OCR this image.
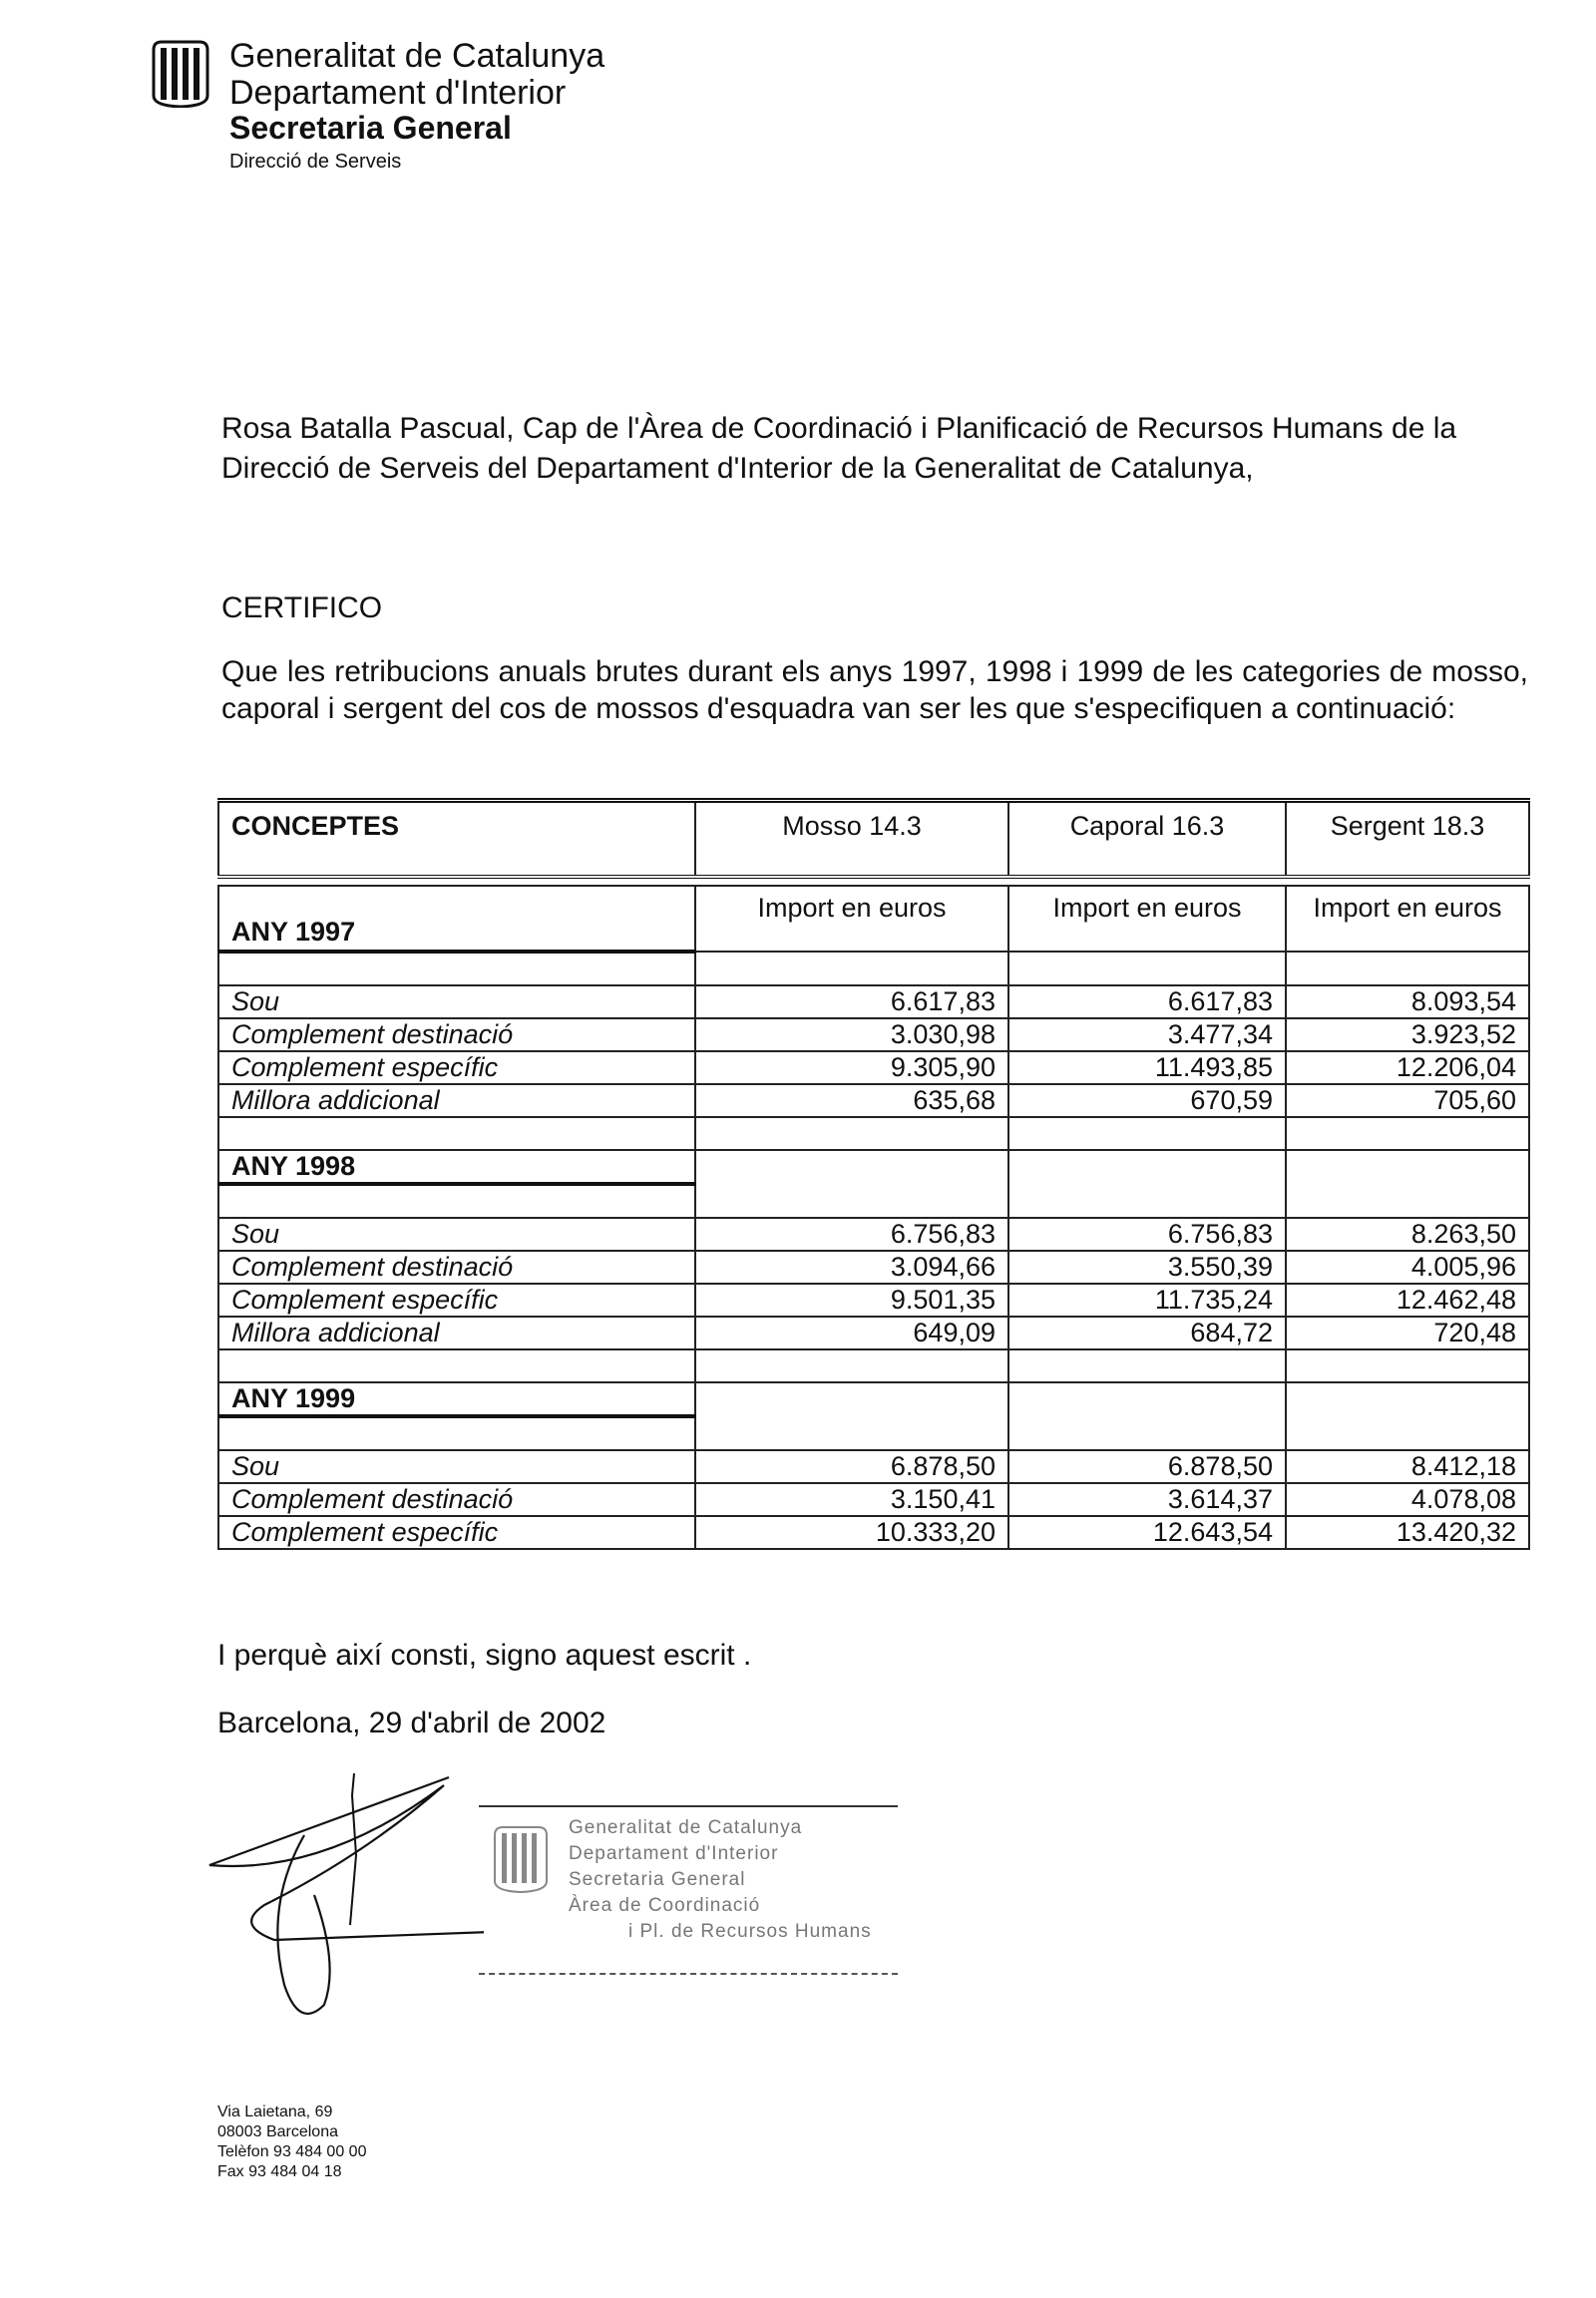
Generalitat de Catalunya
Departament d'Interior
Secretaria General
Direcció de Serveis
Rosa Batalla Pascual, Cap de l'Àrea de Coordinació i Planificació de Recursos Humans de la Direcció de Serveis del Departament d'Interior de la Generalitat de Catalunya,
CERTIFICO
Que les retribucions anuals brutes durant els anys 1997, 1998 i 1999 de les categories de mosso, caporal i sergent del cos de mossos d'esquadra van ser les que s'especifiquen a continuació:
CONCEPTES	Mosso 14.3	Caporal 16.3	Sergent 18.3

ANY 1997	Import en euros	Import en euros	Import en euros

Sou	6.617,83	6.617,83	8.093,54
Complement destinació	3.030,98	3.477,34	3.923,52
Complement específic	9.305,90	11.493,85	12.206,04
Millora addicional	635,68	670,59	705,60

ANY 1998			

Sou	6.756,83	6.756,83	8.263,50
Complement destinació	3.094,66	3.550,39	4.005,96
Complement específic	9.501,35	11.735,24	12.462,48
Millora addicional	649,09	684,72	720,48

ANY 1999			

Sou	6.878,50	6.878,50	8.412,18
Complement destinació	3.150,41	3.614,37	4.078,08
Complement específic	10.333,20	12.643,54	13.420,32
I perquè així consti, signo aquest escrit .
Barcelona, 29 d'abril de 2002
Generalitat de Catalunya
Departament d'Interior
Secretaria General
Àrea de Coordinació
i Pl. de Recursos Humans
Via Laietana, 69
08003 Barcelona
Telèfon 93 484 00 00
Fax 93 484 04 18
